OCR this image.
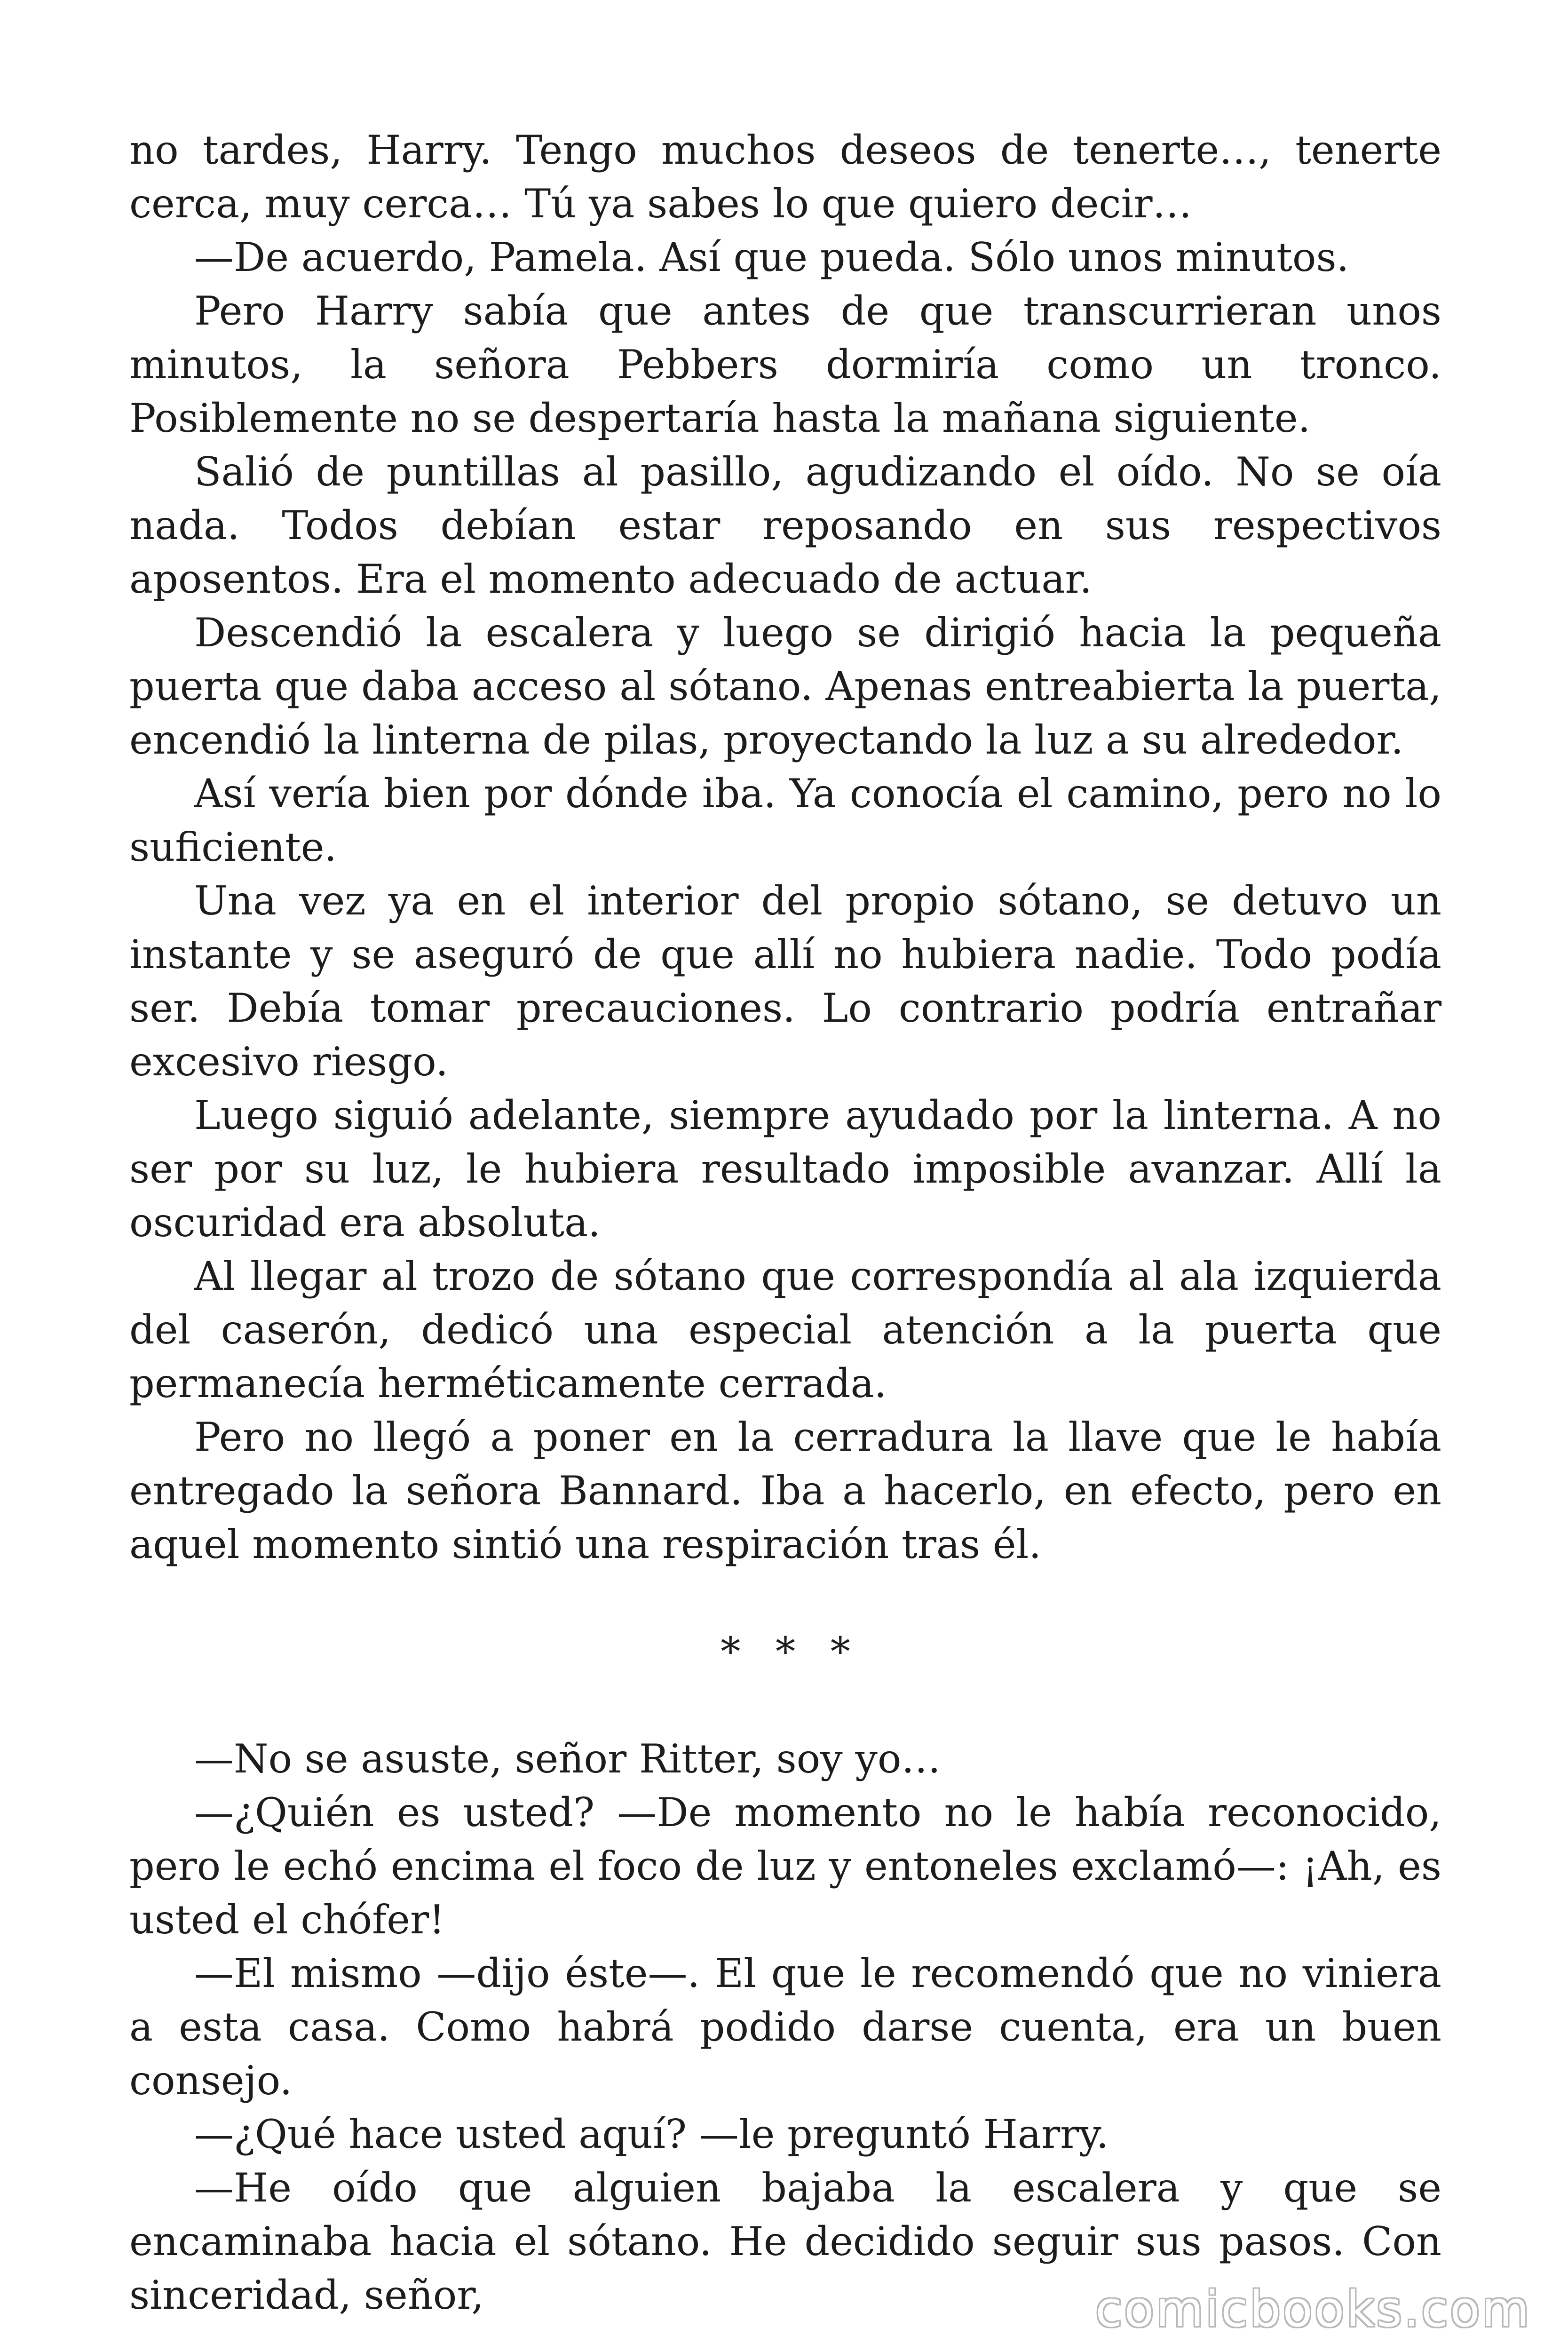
no tardes, Harry. Tengo muchos deseos de tenerte…, tenerte cerca, muy cerca… Tú ya sabes lo que quiero decir…

—De acuerdo, Pamela. Así que pueda. Sólo unos minutos.

Pero Harry sabía que antes de que transcurrieran unos minutos, la señora Pebbers dormiría como un tronco. Posiblemente no se despertaría hasta la mañana siguiente.

Salió de puntillas al pasillo, agudizando el oído. No se oía nada. Todos debían estar reposando en sus respectivos aposentos. Era el momento adecuado de actuar.

Descendió la escalera y luego se dirigió hacia la pequeña puerta que daba acceso al sótano. Apenas entreabierta la puerta, encendió la linterna de pilas, proyectando la luz a su alrededor.

Así vería bien por dónde iba. Ya conocía el camino, pero no lo suficiente.

Una vez ya en el interior del propio sótano, se detuvo un instante y se aseguró de que allí no hubiera nadie. Todo podía ser. Debía tomar precauciones. Lo contrario podría entrañar excesivo riesgo.

Luego siguió adelante, siempre ayudado por la linterna. A no ser por su luz, le hubiera resultado imposible avanzar. Allí la oscuridad era absoluta.

Al llegar al trozo de sótano que correspondía al ala izquierda del caserón, dedicó una especial atención a la puerta que permanecía herméticamente cerrada.

Pero no llegó a poner en la cerradura la llave que le había entregado la señora Bannard. Iba a hacerlo, en efecto, pero en aquel momento sintió una respiración tras él.

* * *

—No se asuste, señor Ritter, soy yo…

—¿Quién es usted? —De momento no le había reconocido, pero le echó encima el foco de luz y entoneles exclamó—: ¡Ah, es usted el chófer!

—El mismo —dijo éste—. El que le recomendó que no viniera a esta casa. Como habrá podido darse cuenta, era un buen consejo.

—¿Qué hace usted aquí? —le preguntó Harry.

—He oído que alguien bajaba la escalera y que se encaminaba hacia el sótano. He decidido seguir sus pasos. Con sinceridad, señor,	comicbooks.com
